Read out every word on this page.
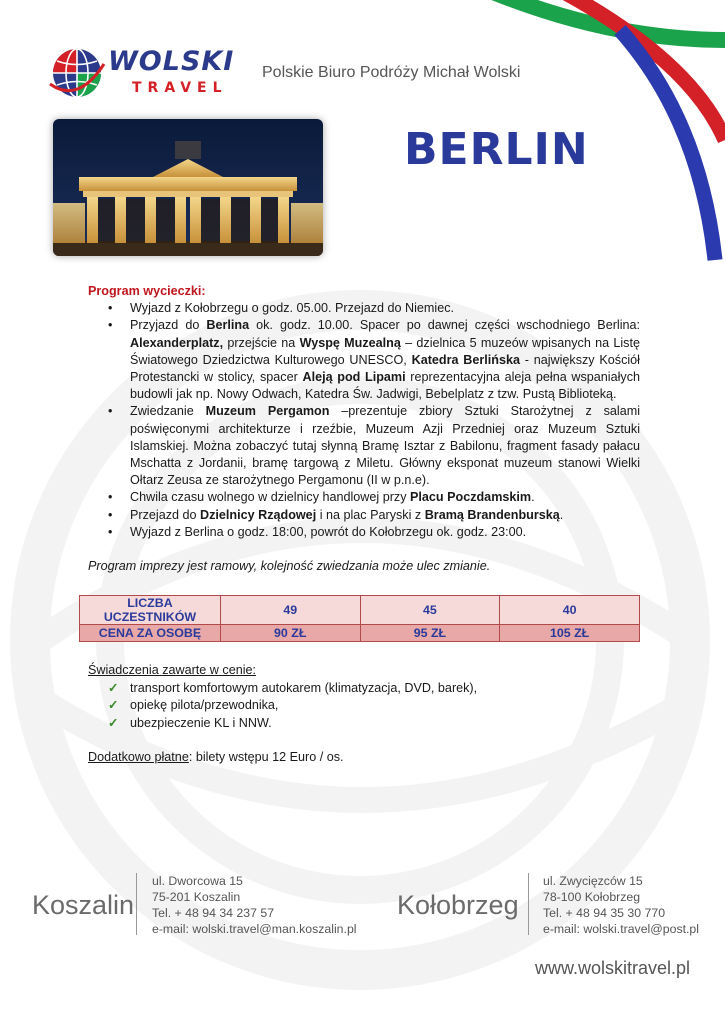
WOLSKI
TRAVEL
Polskie Biuro Podróży Michał Wolski
BERLIN
Program wycieczki:
• Wyjazd z Kołobrzegu o godz. 05.00. Przejazd do Niemiec.
• Przyjazd do Berlina ok. godz. 10.00. Spacer po dawnej części wschodniego Berlina: Alexanderplatz, przejście na Wyspę Muzealną – dzielnica 5 muzeów wpisanych na Listę Światowego Dziedzictwa Kulturowego UNESCO, Katedra Berlińska - największy Kościół Protestancki w stolicy, spacer Aleją pod Lipami reprezentacyjna aleja pełna wspaniałych budowli jak np. Nowy Odwach, Katedra Św. Jadwigi, Bebelplatz z tzw. Pustą Biblioteką.
• Zwiedzanie Muzeum Pergamon –prezentuje zbiory Sztuki Starożytnej z salami poświęconymi architekturze i rzeźbie, Muzeum Azji Przedniej oraz Muzeum Sztuki Islamskiej. Można zobaczyć tutaj słynną Bramę Isztar z Babilonu, fragment fasady pałacu Mschatta z Jordanii, bramę targową z Miletu. Główny eksponat muzeum stanowi Wielki Ołtarz Zeusa ze starożytnego Pergamonu (II w p.n.e).
• Chwila czasu wolnego w dzielnicy handlowej przy Placu Poczdamskim.
• Przejazd do Dzielnicy Rządowej i na plac Paryski z Bramą Brandenburską.
• Wyjazd z Berlina o godz. 18:00, powrót do Kołobrzegu ok. godz. 23:00.
Program imprezy jest ramowy, kolejność zwiedzania może ulec zmianie.
LICZBA UCZESTNIKÓW	49	45	40
CENA ZA OSOBĘ	90 ZŁ	95 ZŁ	105 ZŁ
Świadczenia zawarte w cenie:
✓ transport komfortowym autokarem (klimatyzacja, DVD, barek),
✓ opiekę pilota/przewodnika,
✓ ubezpieczenie KL i NNW.
Dodatkowo płatne: bilety wstępu 12 Euro / os.
Koszalin
ul. Dworcowa 15
75-201 Koszalin
Tel. + 48 94 34 237 57
e-mail: wolski.travel@man.koszalin.pl
Kołobrzeg
ul. Zwycięzców 15
78-100 Kołobrzeg
Tel. + 48 94 35 30 770
e-mail: wolski.travel@post.pl
www.wolskitravel.pl
